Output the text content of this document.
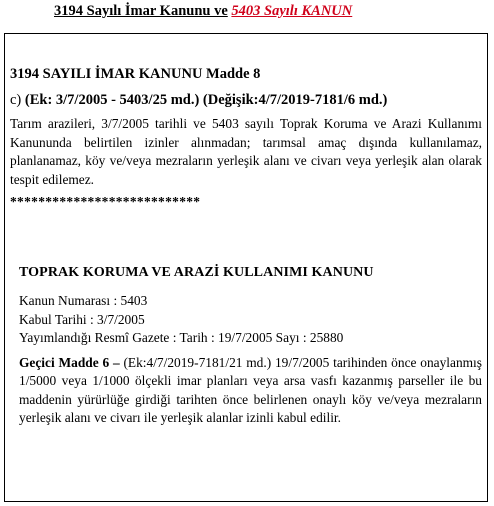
3194 Sayılı İmar Kanunu ve 5403 Sayılı KANUN
3194 SAYILI İMAR KANUNU Madde 8
c) (Ek: 3/7/2005 - 5403/25 md.) (Değişik:4/7/2019-7181/6 md.)
Tarım arazileri, 3/7/2005 tarihli ve 5403 sayılı Toprak Koruma ve Arazi Kullanımı Kanununda belirtilen izinler alınmadan; tarımsal amaç dışında kullanılamaz, planlanamaz, köy ve/veya mezraların yerleşik alanı ve civarı veya yerleşik alan olarak tespit edilemez.
***************************
TOPRAK KORUMA VE ARAZİ KULLANIMI KANUNU
Kanun Numarası : 5403
Kabul Tarihi : 3/7/2005
Yayımlandığı Resmî Gazete : Tarih : 19/7/2005 Sayı : 25880
Geçici Madde 6 – (Ek:4/7/2019-7181/21 md.) 19/7/2005 tarihinden önce onaylanmış 1/5000 veya 1/1000 ölçekli imar planları veya arsa vasfı kazanmış parseller ile bu maddenin yürürlüğe girdiği tarihten önce belirlenen onaylı köy ve/veya mezraların yerleşik alanı ve civarı ile yerleşik alanlar izinli kabul edilir.
